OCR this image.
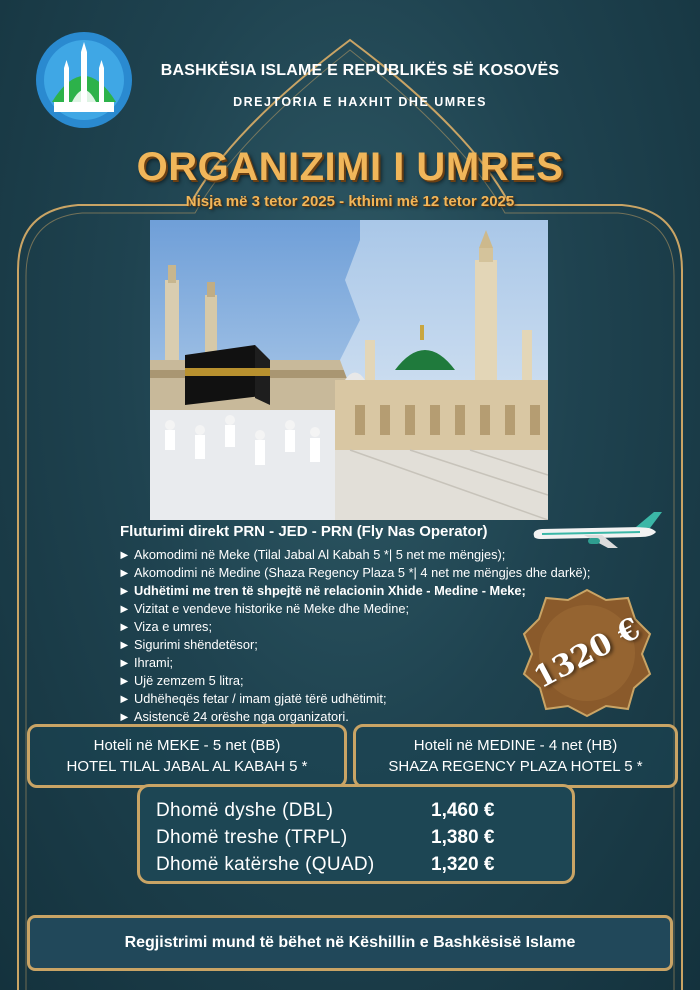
BASHKËSIA ISLAME E REPUBLIKËS SË KOSOVËS
DREJTORIA E HAXHIT DHE UMRES
ORGANIZIMI I UMRES
Nisja më 3 tetor 2025 - kthimi më 12 tetor 2025
Fluturimi direkt PRN - JED - PRN (Fly Nas Operator)
► Akomodimi në Meke (Tilal Jabal Al Kabah 5 *| 5 net me mëngjes);
► Akomodimi në Medine (Shaza Regency Plaza 5 *| 4 net me mëngjes dhe darkë);
► Udhëtimi me tren të shpejtë në relacionin Xhide - Medine - Meke;
► Vizitat e vendeve historike në Meke dhe Medine;
► Viza e umres;
► Sigurimi shëndetësor;
► Ihrami;
► Ujë zemzem 5 litra;
► Udhëheqës fetar / imam gjatë tërë udhëtimit;
► Asistencë 24 orëshe nga organizatori.
1320 €
Hoteli në MEKE - 5 net (BB)
HOTEL TILAL JABAL AL KABAH 5 *
Hoteli në MEDINE - 4 net (HB)
SHAZA REGENCY PLAZA HOTEL 5 *
Dhomë dyshe (DBL)	1,460 €
Dhomë treshe (TRPL)	1,380 €
Dhomë katërshe (QUAD)	1,320 €
Regjistrimi mund të bëhet në Këshillin e Bashkësisë Islame
